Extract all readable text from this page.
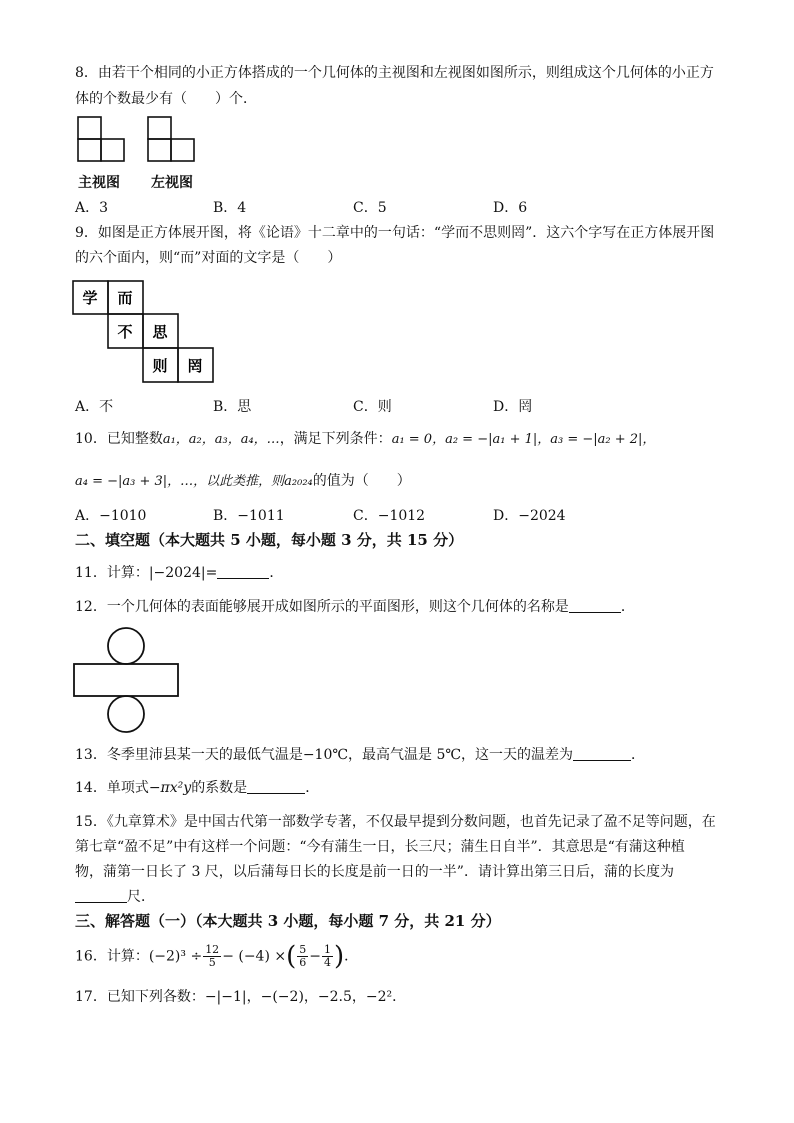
8．由若干个相同的小正方体搭成的一个几何体的主视图和左视图如图所示，则组成这个几何体的小正方
体的个数最少有（　　）个．
主视图 左视图
A．3	B．4	C．5	D．6
9．如图是正方体展开图，将《论语》十二章中的一句话：“学而不思则罔”．这六个字写在正方体展开图
的六个面内，则“而”对面的文字是（　　）
学 而
不 思
则 罔
A．不	B．思	C．则	D．罔
10．已知整数a₁，a₂，a₃，a₄，…，满足下列条件：a₁ = 0，a₂ = −|a₁ + 1|，a₃ = −|a₂ + 2|，
a₄ = −|a₃ + 3|，…，以此类推，则a₂₀₂₄的值为（　　）
A．−1010	B．−1011	C．−1012	D．−2024
二、填空题（本大题共 5 小题，每小题 3 分，共 15 分）
11．计算：|−2024|=	．
12．一个几何体的表面能够展开成如图所示的平面图形，则这个几何体的名称是	．
13．冬季里沛县某一天的最低气温是−10℃，最高气温是 5℃，这一天的温差为	．
14．单项式−πx²y的系数是	．
15．《九章算术》是中国古代第一部数学专著，不仅最早提到分数问题，也首先记录了盈不足等问题，在
第七章“盈不足”中有这样一个问题：“今有蒲生一日，长三尺；蒲生日自半”．其意思是“有蒲这种植
物，蒲第一日长了 3 尺，以后蒲每日长的长度是前一日的一半”．请计算出第三日后，蒲的长度为
尺．
三、解答题（一）（本大题共 3 小题，每小题 7 分，共 21 分）
16．计算：$(-2)^3 \div \frac{12}{5} - (-4)$ ×( $\frac{5}{6} - \frac{1}{4}$ )．
17．已知下列各数：−|−1|，−(−2)，−2.5，−2²．
